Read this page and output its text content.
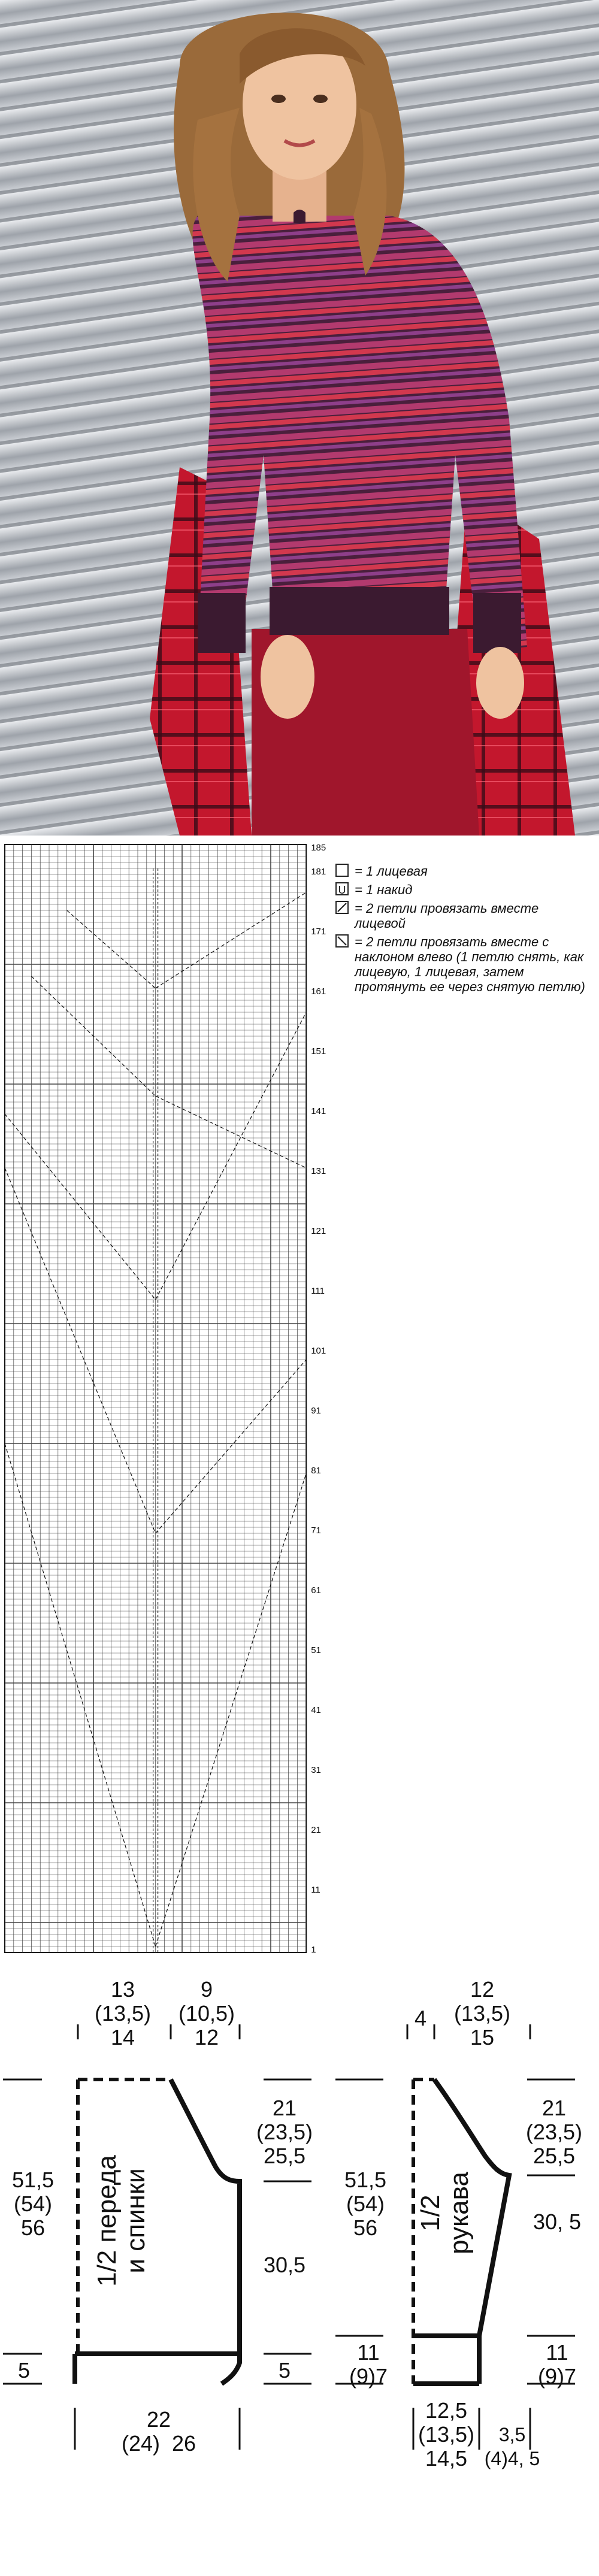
185
181
171
161
151
141
131
121
111
101
91
81
71
61
51
41
31
21
11
1
= 1 лицевая
U = 1 накид
= 2 петли провязать вместе лицевой
= 2 петли провязать вместе с наклоном влево (1 петлю снять, как лицевую, 1 лицевая, затем протянуть ее через снятую петлю)
13
(13,5)
14
9
(10,5)
12
21
(23,5)
25,5
51,5
(54)
56
30,5
5	5
22
(24) 26
1/2 переда и спинки
4
12
(13,5)
15
21
(23,5)
25,5
51,5
(54)
56	30, 5
11
(9)7
11
(9)7
12,5
(13,5)
14,5
3,5
(4)4, 5
1/2 рукава
